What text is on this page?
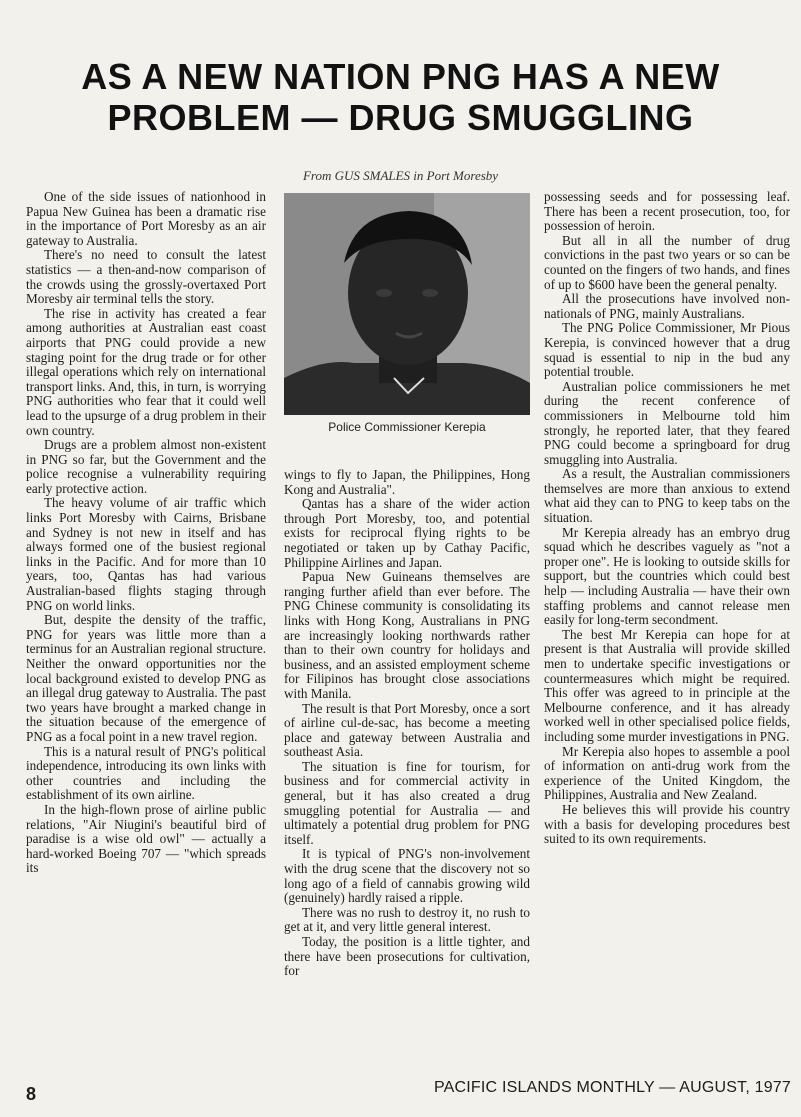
AS A NEW NATION PNG HAS A NEW
PROBLEM — DRUG SMUGGLING
From GUS SMALES in Port Moresby
Police Commissioner Kerepia

One of the side issues of nationhood in Papua New Guinea has been a dramatic rise in the importance of Port Moresby as an air gateway to Australia.

There's no need to consult the latest statistics — a then-and-now comparison of the crowds using the grossly-overtaxed Port Moresby air terminal tells the story.

The rise in activity has created a fear among authorities at Australian east coast airports that PNG could provide a new staging point for the drug trade or for other illegal operations which rely on international transport links. And, this, in turn, is worrying PNG authorities who fear that it could well lead to the upsurge of a drug problem in their own country.

Drugs are a problem almost non-existent in PNG so far, but the Government and the police recognise a vulnerability requiring early protective action.

The heavy volume of air traffic which links Port Moresby with Cairns, Brisbane and Sydney is not new in itself and has always formed one of the busiest regional links in the Pacific. And for more than 10 years, too, Qantas has had various Australian-based flights staging through PNG on world links.

But, despite the density of the traffic, PNG for years was little more than a terminus for an Australian regional structure. Neither the onward opportunities nor the local background existed to develop PNG as an illegal drug gateway to Australia. The past two years have brought a marked change in the situation because of the emergence of PNG as a focal point in a new travel region.

This is a natural result of PNG's political independence, introducing its own links with other countries and including the establishment of its own airline.

In the high-flown prose of airline public relations, "Air Niugini's beautiful bird of paradise is a wise old owl" — actually a hard-worked Boeing 707 — "which spreads its

wings to fly to Japan, the Philippines, Hong Kong and Australia".

Qantas has a share of the wider action through Port Moresby, too, and potential exists for reciprocal flying rights to be negotiated or taken up by Cathay Pacific, Philippine Airlines and Japan.

Papua New Guineans themselves are ranging further afield than ever before. The PNG Chinese community is consolidating its links with Hong Kong, Australians in PNG are increasingly looking northwards rather than to their own country for holidays and business, and an assisted employment scheme for Filipinos has brought close associations with Manila.

The result is that Port Moresby, once a sort of airline cul-de-sac, has become a meeting place and gateway between Australia and southeast Asia.

The situation is fine for tourism, for business and for commercial activity in general, but it has also created a drug smuggling potential for Australia — and ultimately a potential drug problem for PNG itself.

It is typical of PNG's non-involvement with the drug scene that the discovery not so long ago of a field of cannabis growing wild (genuinely) hardly raised a ripple.

There was no rush to destroy it, no rush to get at it, and very little general interest.

Today, the position is a little tighter, and there have been prosecutions for cultivation, for

possessing seeds and for possessing leaf. There has been a recent prosecution, too, for possession of heroin.

But all in all the number of drug convictions in the past two years or so can be counted on the fingers of two hands, and fines of up to $600 have been the general penalty.

All the prosecutions have involved non-nationals of PNG, mainly Australians.

The PNG Police Commissioner, Mr Pious Kerepia, is convinced however that a drug squad is essential to nip in the bud any potential trouble.

Australian police commissioners he met during the recent conference of commissioners in Melbourne told him strongly, he reported later, that they feared PNG could become a springboard for drug smuggling into Australia.

As a result, the Australian commissioners themselves are more than anxious to extend what aid they can to PNG to keep tabs on the situation.

Mr Kerepia already has an embryo drug squad which he describes vaguely as "not a proper one". He is looking to outside skills for support, but the countries which could best help — including Australia — have their own staffing problems and cannot release men easily for long-term secondment.

The best Mr Kerepia can hope for at present is that Australia will provide skilled men to undertake specific investigations or countermeasures which might be required. This offer was agreed to in principle at the Melbourne conference, and it has already worked well in other specialised police fields, including some murder investigations in PNG.

Mr Kerepia also hopes to assemble a pool of information on anti-drug work from the experience of the United Kingdom, the Philippines, Australia and New Zealand.

He believes this will provide his country with a basis for developing procedures best suited to its own requirements.

8	PACIFIC ISLANDS MONTHLY — AUGUST, 1977
